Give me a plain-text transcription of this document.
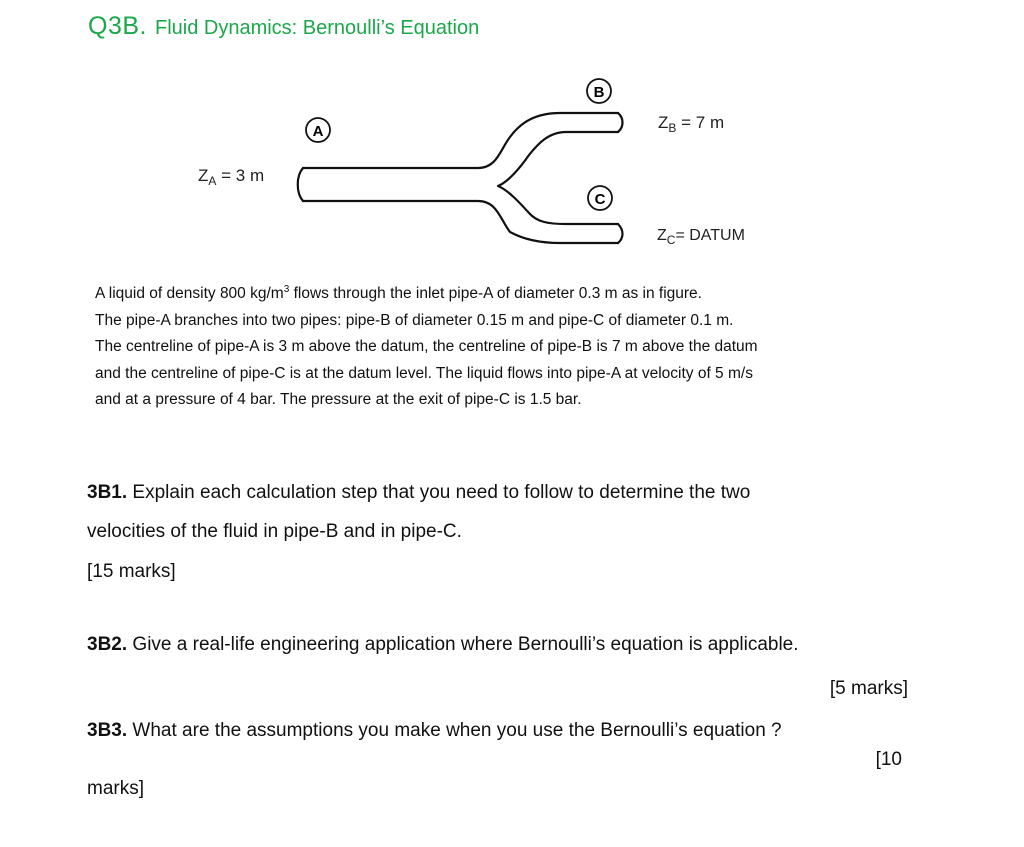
Q3B. Fluid Dynamics: Bernoulli’s Equation
A
B
C
$Z_A = 3$ m
$Z_B = 7$ m
$Z_C=$ DATUM
A liquid of density 800 $kg/m^3$ flows through the inlet pipe-A of diameter 0.3 m as in figure.
The pipe-A branches into two pipes: pipe-B of diameter 0.15 m and pipe-C of diameter 0.1 m.
The centreline of pipe-A is 3 m above the datum, the centreline of pipe-B is 7 m above the datum
and the centreline of pipe-C is at the datum level. The liquid flows into pipe-A at velocity of 5 m/s
and at a pressure of 4 bar. The pressure at the exit of pipe-C is 1.5 bar.
3B1. Explain each calculation step that you need to follow to determine the two
velocities of the fluid in pipe-B and in pipe-C.
[15 marks]
3B2. Give a real-life engineering application where Bernoulli’s equation is applicable.
[5 marks]
3B3. What are the assumptions you make when you use the Bernoulli’s equation ?
[10
marks]
